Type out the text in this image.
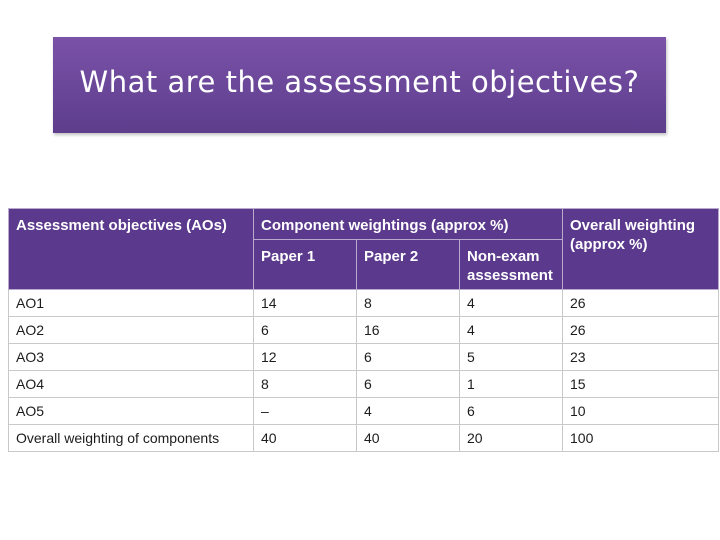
What are the assessment objectives?
Assessment objectives (AOs)	Component weightings (approx %)			Overall weighting (approx %)
	Paper 1	Paper 2	Non-exam assessment	
AO1	14	8	4	26
AO2	6	16	4	26
AO3	12	6	5	23
AO4	8	6	1	15
AO5	–	4	6	10
Overall weighting of components	40	40	20	100
